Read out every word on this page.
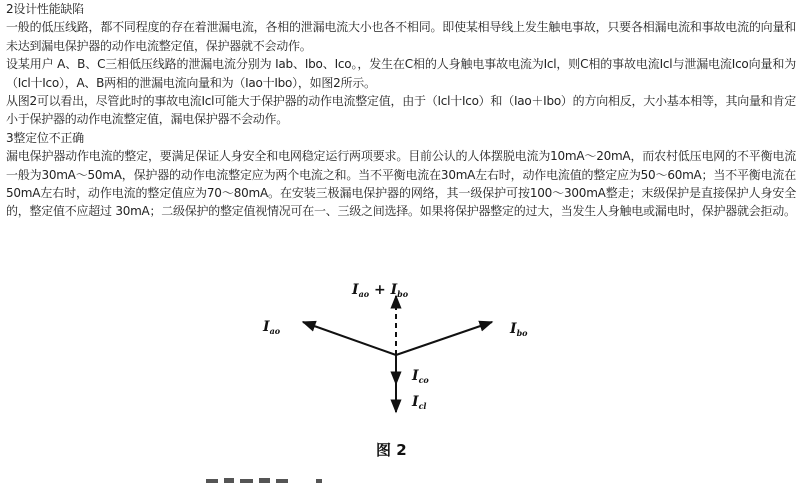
2设计性能缺陷

一般的低压线路，都不同程度的存在着泄漏电流，各相的泄漏电流大小也各不相同。即使某相导线上发生触电事故，只要各相漏电流和事故电流的向量和未达到漏电保护器的动作电流整定值，保护器就不会动作。

设某用户 A、B、C三相低压线路的泄漏电流分别为 Iab、Ibo、Ico。，发生在C相的人身触电事故电流为Icl，则C相的事故电流Icl与泄漏电流Ico向量和为（Icl十Ico），A、B两相的泄漏电流向量和为（Iao十Ibo），如图2所示。

从图2可以看出，尽管此时的事故电流Icl可能大于保护器的动作电流整定值，由于（Icl十Ico）和（Iao＋Ibo）的方向相反，大小基本相等，其向量和肯定小于保护器的动作电流整定值，漏电保护器不会动作。

3整定位不正确

漏电保护器动作电流的整定，要满足保证人身安全和电网稳定运行两项要求。目前公认的人体摆脱电流为10mA～20mA，而农村低压电网的不平衡电流一般为30mA～50mA，保护器的动作电流整定应为两个电流之和。当不平衡电流在30mA左右时，动作电流值的整定应为50～60mA；当不平衡电流在50mA左右时，动作电流的整定值应为70～80mA。在安装三极漏电保护器的网络，其一级保护可按100～300mA整走；末级保护是直接保护人身安全的，整定值不应超过 30mA；二级保护的整定值视情况可在一、三级之间选择。如果将保护器整定的过大，当发生人身触电或漏电时，保护器就会拒动。

$I_{ao} + I_{bo}$
$I_{ao}$	$I_{bo}$
$I_{co}$
$I_{cl}$
图 2
